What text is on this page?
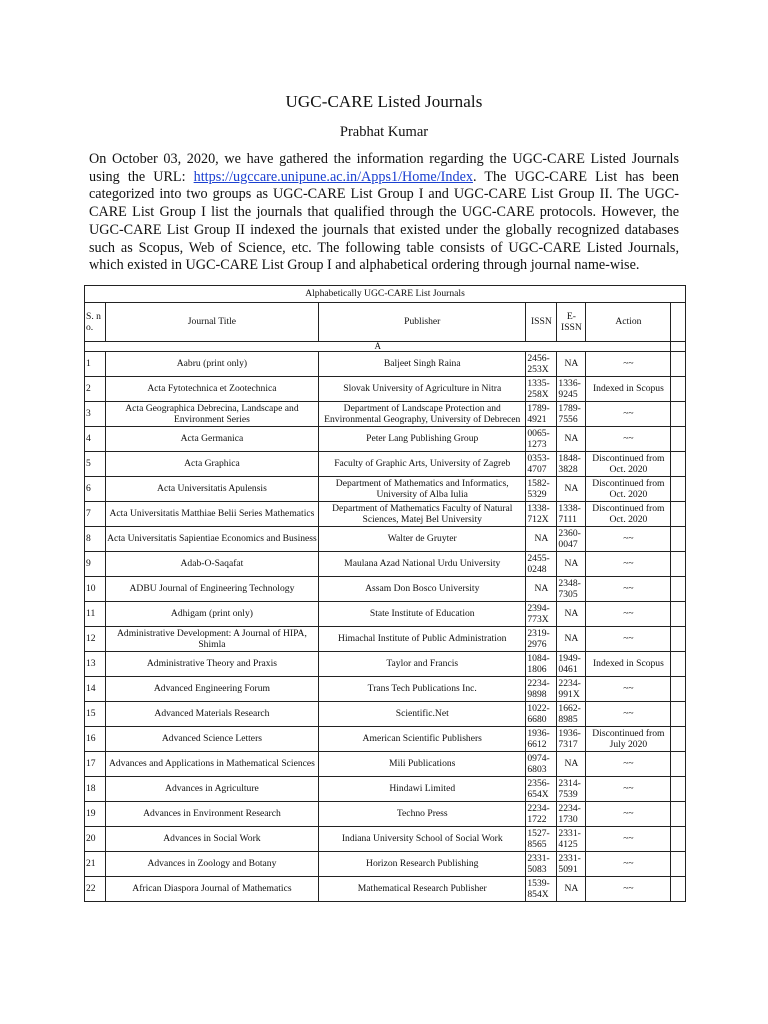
UGC-CARE Listed Journals
Prabhat Kumar

On October 03, 2020, we have gathered the information regarding the UGC-CARE Listed Journals using the URL: https://ugccare.unipune.ac.in/Apps1/Home/Index. The UGC-CARE List has been categorized into two groups as UGC-CARE List Group I and UGC-CARE List Group II. The UGC-CARE List Group I list the journals that qualified through the UGC-CARE protocols. However, the UGC-CARE List Group II indexed the journals that existed under the globally recognized databases such as Scopus, Web of Science, etc. The following table consists of UGC-CARE Listed Journals, which existed in UGC-CARE List Group I and alphabetical ordering through journal name-wise.

Alphabetically UGC-CARE List Journals						
S. n o.	Journal Title	Publisher	ISSN	E-ISSN	Action	
A						
1	Aabru (print only)	Baljeet Singh Raina	2456-253X	NA	~~	
2	Acta Fytotechnica et Zootechnica	Slovak University of Agriculture in Nitra	1335-258X	1336-9245	Indexed in Scopus	
3	Acta Geographica Debrecina, Landscape and Environment Series	Department of Landscape Protection and Environmental Geography, University of Debrecen	1789-4921	1789-7556	~~	
4	Acta Germanica	Peter Lang Publishing Group	0065-1273	NA	~~	
5	Acta Graphica	Faculty of Graphic Arts, University of Zagreb	0353-4707	1848-3828	Discontinued from Oct. 2020	
6	Acta Universitatis Apulensis	Department of Mathematics and Informatics, University of Alba Iulia	1582-5329	NA	Discontinued from Oct. 2020	
7	Acta Universitatis Matthiae Belii Series Mathematics	Department of Mathematics Faculty of Natural Sciences, Matej Bel University	1338-712X	1338-7111	Discontinued from Oct. 2020	
8	Acta Universitatis Sapientiae Economics and Business	Walter de Gruyter	NA	2360-0047	~~	
9	Adab-O-Saqafat	Maulana Azad National Urdu University	2455-0248	NA	~~	
10	ADBU Journal of Engineering Technology	Assam Don Bosco University	NA	2348-7305	~~	
11	Adhigam (print only)	State Institute of Education	2394-773X	NA	~~	
12	Administrative Development: A Journal of HIPA, Shimla	Himachal Institute of Public Administration	2319-2976	NA	~~	
13	Administrative Theory and Praxis	Taylor and Francis	1084-1806	1949-0461	Indexed in Scopus	
14	Advanced Engineering Forum	Trans Tech Publications Inc.	2234-9898	2234-991X	~~	
15	Advanced Materials Research	Scientific.Net	1022-6680	1662-8985	~~	
16	Advanced Science Letters	American Scientific Publishers	1936-6612	1936-7317	Discontinued from July 2020	
17	Advances and Applications in Mathematical Sciences	Mili Publications	0974-6803	NA	~~	
18	Advances in Agriculture	Hindawi Limited	2356-654X	2314-7539	~~	
19	Advances in Environment Research	Techno Press	2234-1722	2234-1730	~~	
20	Advances in Social Work	Indiana University School of Social Work	1527-8565	2331-4125	~~	
21	Advances in Zoology and Botany	Horizon Research Publishing	2331-5083	2331-5091	~~	
22	African Diaspora Journal of Mathematics	Mathematical Research Publisher	1539-854X	NA	~~	
